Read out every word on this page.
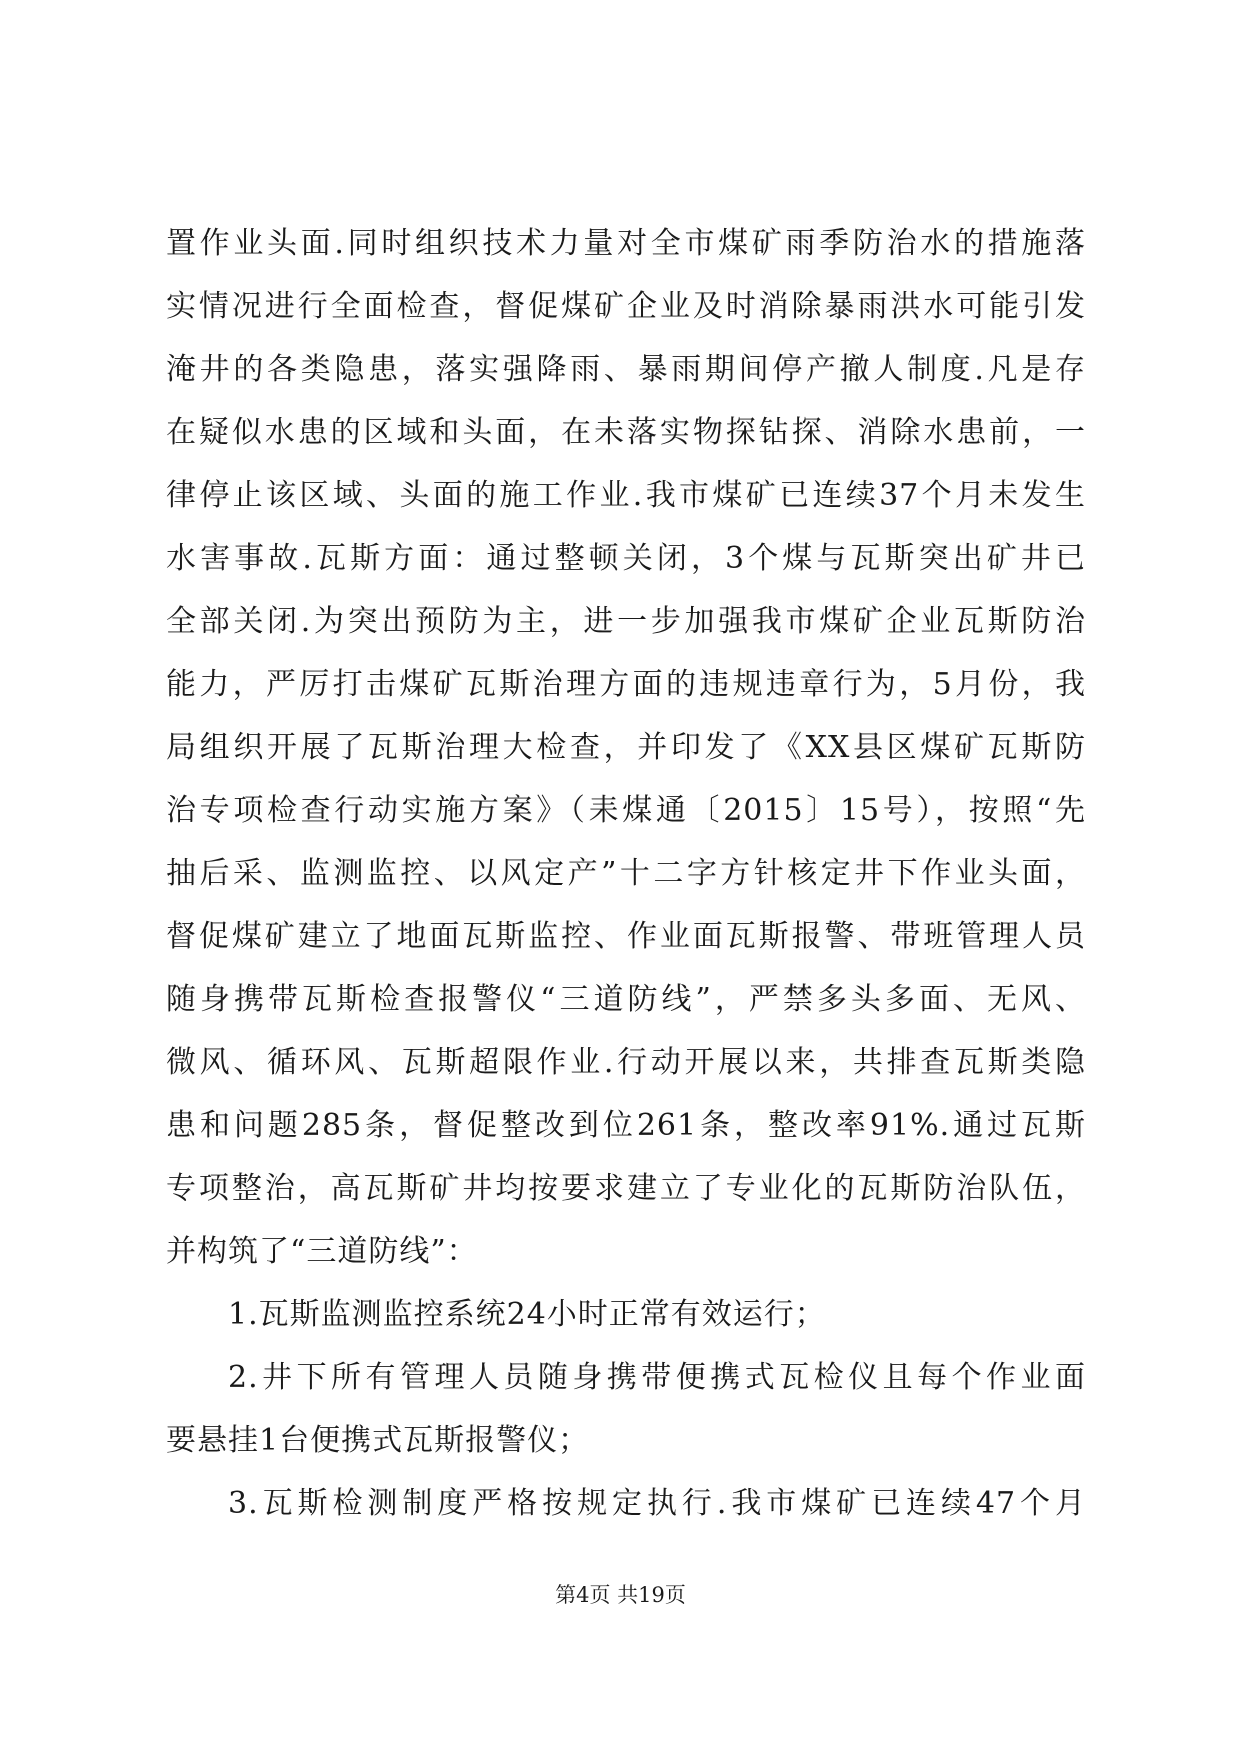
置作业头面.同时组织技术力量对全市煤矿雨季防治水的措施落
实情况进行全面检查，督促煤矿企业及时消除暴雨洪水可能引发
淹井的各类隐患，落实强降雨、暴雨期间停产撤人制度.凡是存
在疑似水患的区域和头面，在未落实物探钻探、消除水患前，一
律停止该区域、头面的施工作业.我市煤矿已连续37个月未发生
水害事故.瓦斯方面：通过整顿关闭，3个煤与瓦斯突出矿井已
全部关闭.为突出预防为主，进一步加强我市煤矿企业瓦斯防治
能力，严厉打击煤矿瓦斯治理方面的违规违章行为，5月份，我
局组织开展了瓦斯治理大检查，并印发了《XX县区煤矿瓦斯防
治专项检查行动实施方案》（耒煤通〔2015〕15号），按照“先
抽后采、监测监控、以风定产”十二字方针核定井下作业头面，
督促煤矿建立了地面瓦斯监控、作业面瓦斯报警、带班管理人员
随身携带瓦斯检查报警仪“三道防线”，严禁多头多面、无风、
微风、循环风、瓦斯超限作业.行动开展以来，共排查瓦斯类隐
患和问题285条，督促整改到位261条，整改率91%.通过瓦斯
专项整治，高瓦斯矿井均按要求建立了专业化的瓦斯防治队伍，
并构筑了“三道防线”：
1.瓦斯监测监控系统24小时正常有效运行；
2.井下所有管理人员随身携带便携式瓦检仪且每个作业面
要悬挂1台便携式瓦斯报警仪；
3.瓦斯检测制度严格按规定执行.我市煤矿已连续47个月
第4页 共19页
